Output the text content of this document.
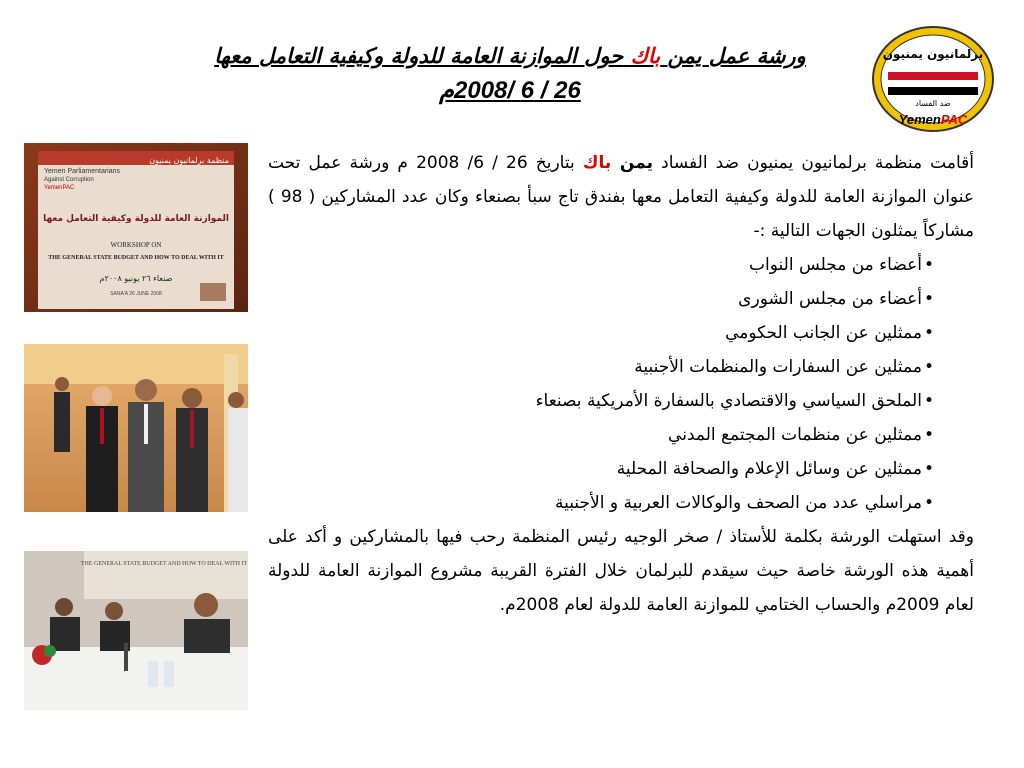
برلمانيون يمنيون
ضد الفساد
YemenPAC
ورشة عمل يمن باك حول الموازنة العامة للدولة وكيفية التعامل معها
26 / 6 /2008م
Yemen Parliamentarians
Against Corruption
YemenPAC
منظمة برلمانيون يمنيون
الموازنة العامة للدولة وكيفية التعامل معها
WORKSHOP ON
THE GENERAL STATE BUDGET AND HOW TO DEAL WITH IT
صنعاء ٢٦ يونيو ٢٠٠٨م
SANA'A 26 JUNE 2008
THE GENERAL STATE BUDGET AND HOW TO DEAL WITH IT

أقامت منظمة برلمانيون يمنيون ضد الفساد يمن باك بتاريخ 26 / 6/ 2008 م ورشة عمل تحت عنوان الموازنة العامة للدولة وكيفية التعامل معها بفندق تاج سبأ بصنعاء وكان عدد المشاركين ( 98 ) مشاركاً يمثلون الجهات التالية :-

•أعضاء من مجلس النواب
•أعضاء من مجلس الشورى
•ممثلين عن الجانب الحكومي
•ممثلين عن السفارات والمنظمات الأجنبية
•الملحق السياسي والاقتصادي بالسفارة الأمريكية بصنعاء
•ممثلين عن منظمات المجتمع المدني
•ممثلين عن وسائل الإعلام والصحافة المحلية
•مراسلي عدد من الصحف والوكالات العربية و الأجنبية

وقد استهلت الورشة بكلمة للأستاذ / صخر الوجيه رئيس المنظمة رحب فيها بالمشاركين و أكد على أهمية هذه الورشة خاصة حيث سيقدم للبرلمان خلال الفترة القريبة مشروع الموازنة العامة للدولة لعام 2009م والحساب الختامي للموازنة العامة للدولة لعام 2008م.
